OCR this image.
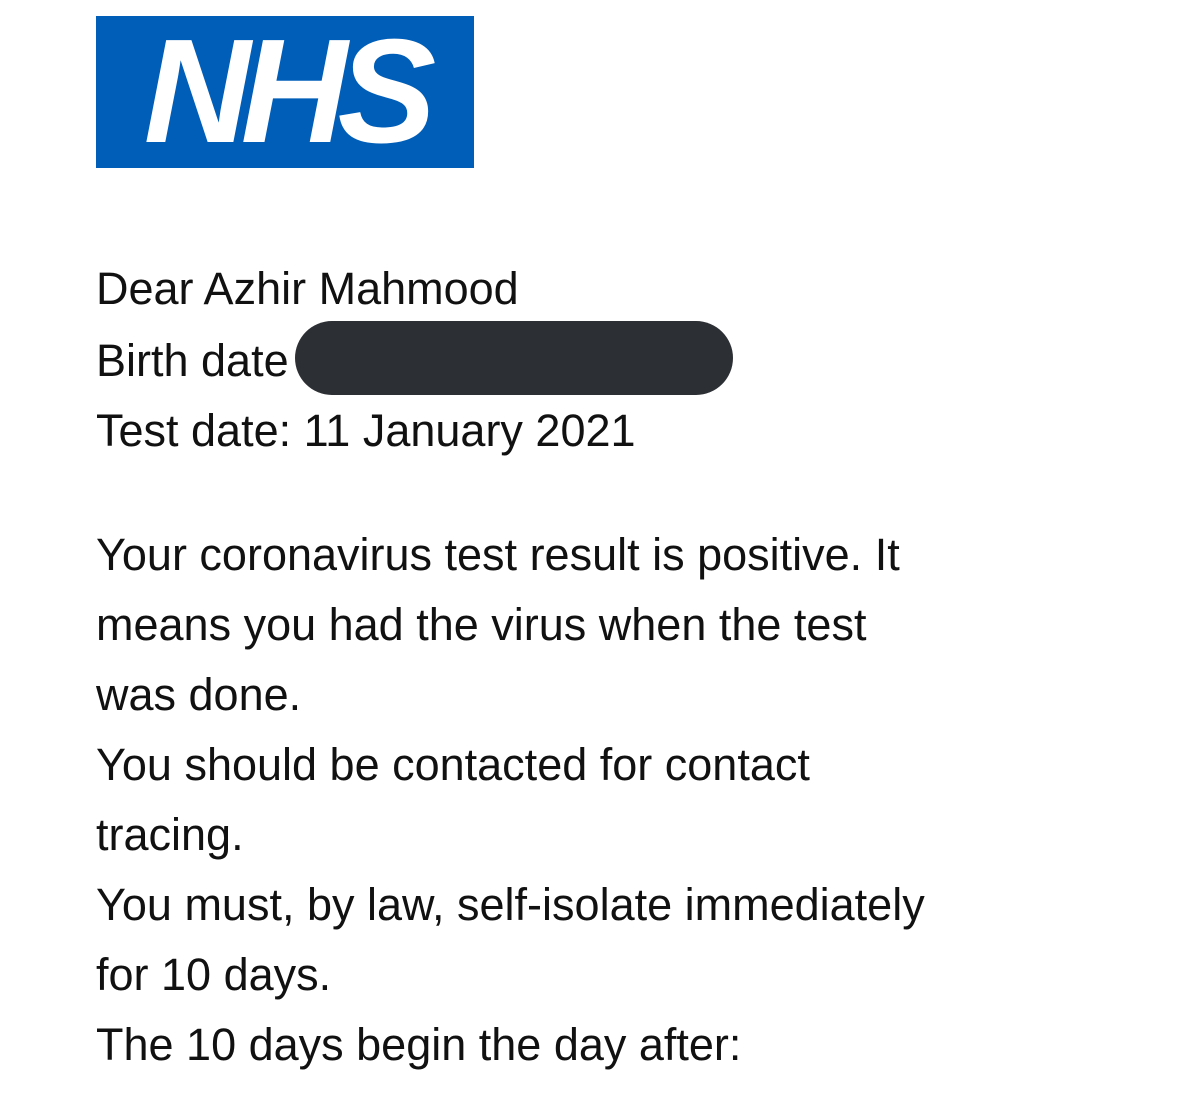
NHS
Dear Azhir Mahmood
Birth date
Test date: 11 January 2021
Your coronavirus test result is positive. It
means you had the virus when the test
was done.
You should be contacted for contact
tracing.
You must, by law, self-isolate immediately
for 10 days.
The 10 days begin the day after:
